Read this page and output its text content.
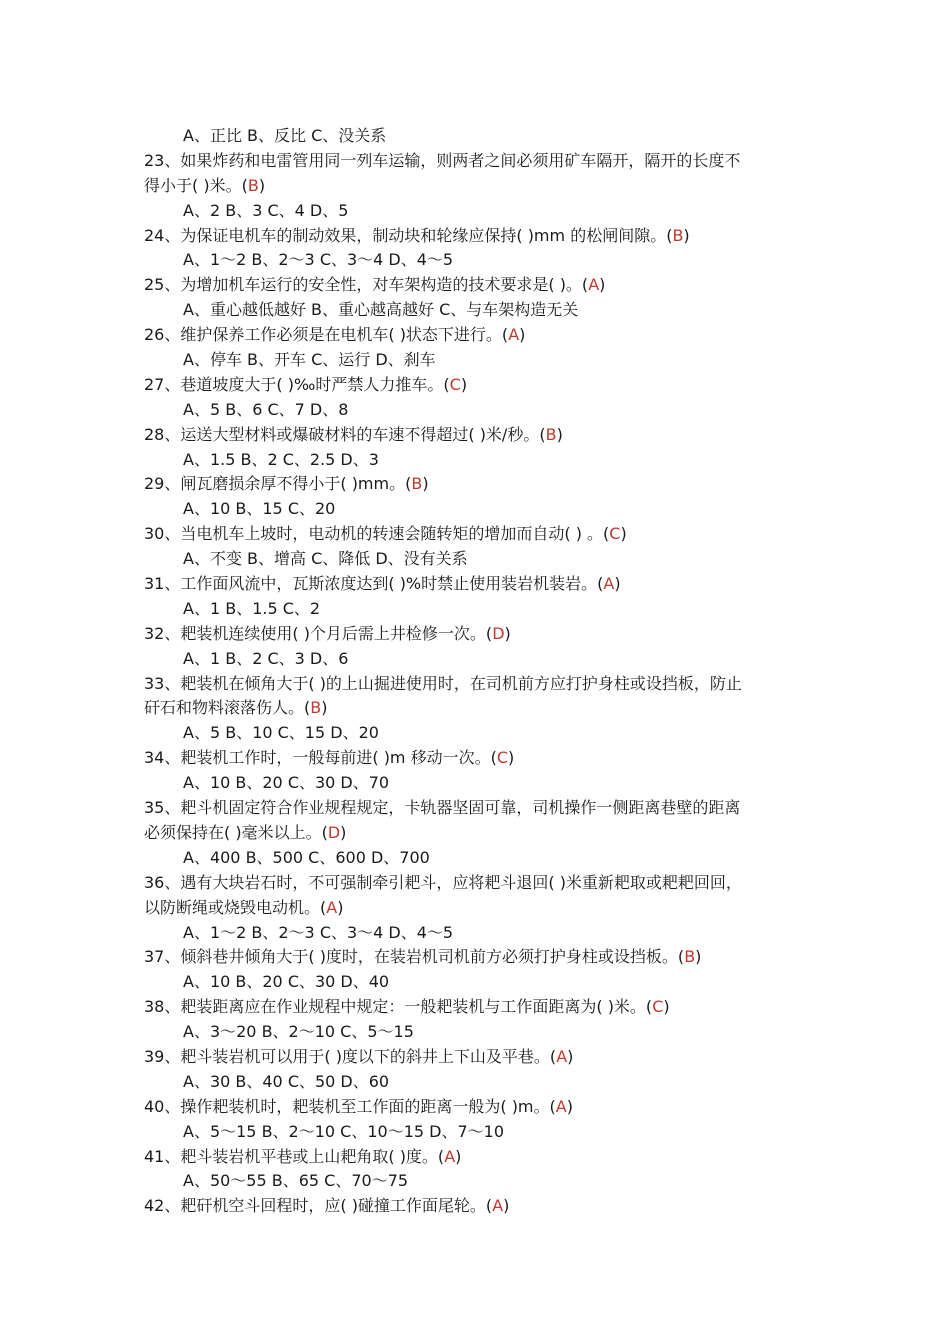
A、正比 B、反比 C、没关系
23、如果炸药和电雷管用同一列车运输，则两者之间必须用矿车隔开，隔开的长度不
得小于( )米。(B)
A、2 B、3 C、4 D、5
24、为保证电机车的制动效果，制动块和轮缘应保持( )mm 的松闸间隙。(B)
A、1～2 B、2～3 C、3～4 D、4～5
25、为增加机车运行的安全性，对车架构造的技术要求是( )。(A)
A、重心越低越好 B、重心越高越好 C、与车架构造无关
26、维护保养工作必须是在电机车( )状态下进行。(A)
A、停车 B、开车 C、运行 D、刹车
27、巷道坡度大于( )‰时严禁人力推车。(C)
A、5 B、6 C、7 D、8
28、运送大型材料或爆破材料的车速不得超过( )米/秒。(B)
A、1.5 B、2 C、2.5 D、3
29、闸瓦磨损余厚不得小于( )mm。(B)
A、10 B、15 C、20
30、当电机车上坡时，电动机的转速会随转矩的增加而自动( ) 。(C)
A、不变 B、增高 C、降低 D、没有关系
31、工作面风流中，瓦斯浓度达到( )%时禁止使用装岩机装岩。(A)
A、1 B、1.5 C、2
32、耙装机连续使用( )个月后需上井检修一次。(D)
A、1 B、2 C、3 D、6
33、耙装机在倾角大于( )的上山掘进使用时，在司机前方应打护身柱或设挡板，防止
矸石和物料滚落伤人。(B)
A、5 B、10 C、15 D、20
34、耙装机工作时，一般每前进( )m 移动一次。(C)
A、10 B、20 C、30 D、70
35、耙斗机固定符合作业规程规定，卡轨器坚固可靠，司机操作一侧距离巷壁的距离
必须保持在( )毫米以上。(D)
A、400 B、500 C、600 D、700
36、遇有大块岩石时，不可强制牵引耙斗，应将耙斗退回( )米重新耙取或耙耙回回，
以防断绳或烧毁电动机。(A)
A、1～2 B、2～3 C、3～4 D、4～5
37、倾斜巷井倾角大于( )度时，在装岩机司机前方必须打护身柱或设挡板。(B)
A、10 B、20 C、30 D、40
38、耙装距离应在作业规程中规定：一般耙装机与工作面距离为( )米。(C)
A、3～20 B、2～10 C、5～15
39、耙斗装岩机可以用于( )度以下的斜井上下山及平巷。(A)
A、30 B、40 C、50 D、60
40、操作耙装机时，耙装机至工作面的距离一般为( )m。(A)
A、5～15 B、2～10 C、10～15 D、7～10
41、耙斗装岩机平巷或上山耙角取( )度。(A)
A、50～55 B、65 C、70～75
42、耙矸机空斗回程时，应( )碰撞工作面尾轮。(A)
